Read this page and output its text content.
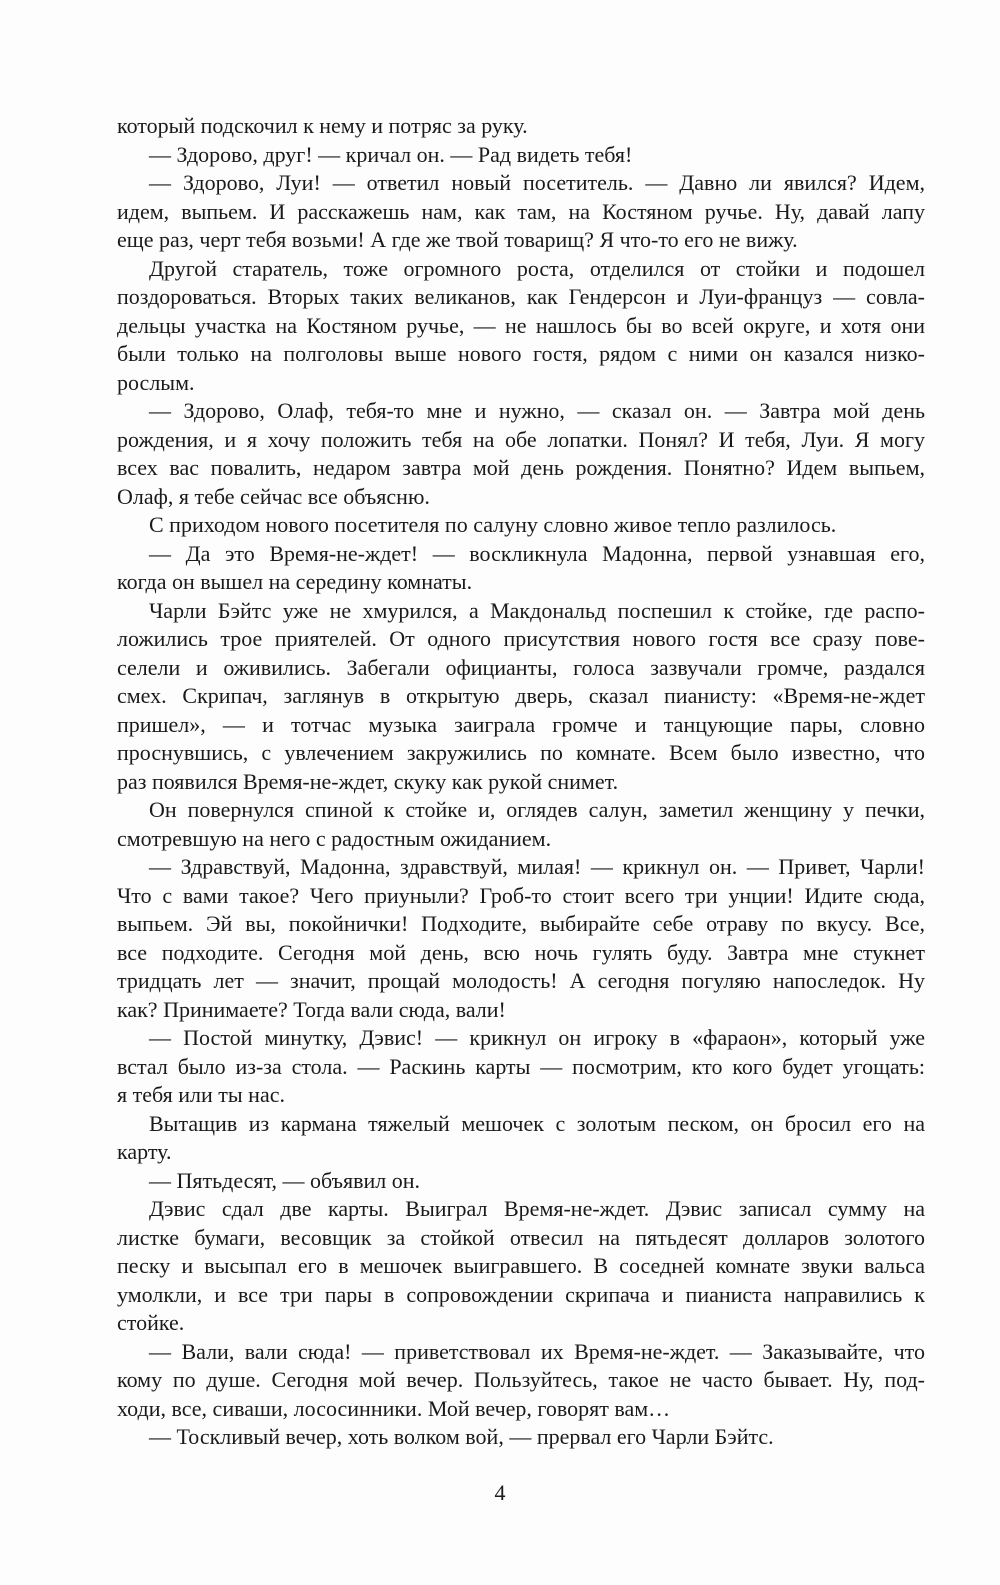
который подскочил к нему и потряс за руку.
— Здорово, друг! — кричал он. — Рад видеть тебя!
— Здорово, Луи! — ответил новый посетитель. — Давно ли явился? Идем,
идем, выпьем. И расскажешь нам, как там, на Костяном ручье. Ну, давай лапу
еще раз, черт тебя возьми! А где же твой товарищ? Я что-то его не вижу.
Другой старатель, тоже огромного роста, отделился от стойки и подошел
поздороваться. Вторых таких великанов, как Гендерсон и Луи-француз — совла-
дельцы участка на Костяном ручье, — не нашлось бы во всей округе, и хотя они
были только на полголовы выше нового гостя, рядом с ними он казался низко-
рослым.
— Здорово, Олаф, тебя-то мне и нужно, — сказал он. — Завтра мой день
рождения, и я хочу положить тебя на обе лопатки. Понял? И тебя, Луи. Я могу
всех вас повалить, недаром завтра мой день рождения. Понятно? Идем выпьем,
Олаф, я тебе сейчас все объясню.
С приходом нового посетителя по салуну словно живое тепло разлилось.
— Да это Время-не-ждет! — воскликнула Мадонна, первой узнавшая его,
когда он вышел на середину комнаты.
Чарли Бэйтс уже не хмурился, а Макдональд поспешил к стойке, где распо-
ложились трое приятелей. От одного присутствия нового гостя все сразу пове-
селели и оживились. Забегали официанты, голоса зазвучали громче, раздался
смех. Скрипач, заглянув в открытую дверь, сказал пианисту: «Время-не-ждет
пришел», — и тотчас музыка заиграла громче и танцующие пары, словно
проснувшись, с увлечением закружились по комнате. Всем было известно, что
раз появился Время-не-ждет, скуку как рукой снимет.
Он повернулся спиной к стойке и, оглядев салун, заметил женщину у печки,
смотревшую на него с радостным ожиданием.
— Здравствуй, Мадонна, здравствуй, милая! — крикнул он. — Привет, Чарли!
Что с вами такое? Чего приуныли? Гроб-то стоит всего три унции! Идите сюда,
выпьем. Эй вы, покойнички! Подходите, выбирайте себе отраву по вкусу. Все,
все подходите. Сегодня мой день, всю ночь гулять буду. Завтра мне стукнет
тридцать лет — значит, прощай молодость! А сегодня погуляю напоследок. Ну
как? Принимаете? Тогда вали сюда, вали!
— Постой минутку, Дэвис! — крикнул он игроку в «фараон», который уже
встал было из-за стола. — Раскинь карты — посмотрим, кто кого будет угощать:
я тебя или ты нас.
Вытащив из кармана тяжелый мешочек с золотым песком, он бросил его на
карту.
— Пятьдесят, — объявил он.
Дэвис сдал две карты. Выиграл Время-не-ждет. Дэвис записал сумму на
листке бумаги, весовщик за стойкой отвесил на пятьдесят долларов золотого
песку и высыпал его в мешочек выигравшего. В соседней комнате звуки вальса
умолкли, и все три пары в сопровождении скрипача и пианиста направились к
стойке.
— Вали, вали сюда! — приветствовал их Время-не-ждет. — Заказывайте, что
кому по душе. Сегодня мой вечер. Пользуйтесь, такое не часто бывает. Ну, под-
ходи, все, сиваши, лососинники. Мой вечер, говорят вам…
— Тоскливый вечер, хоть волком вой, — прервал его Чарли Бэйтс.
4
